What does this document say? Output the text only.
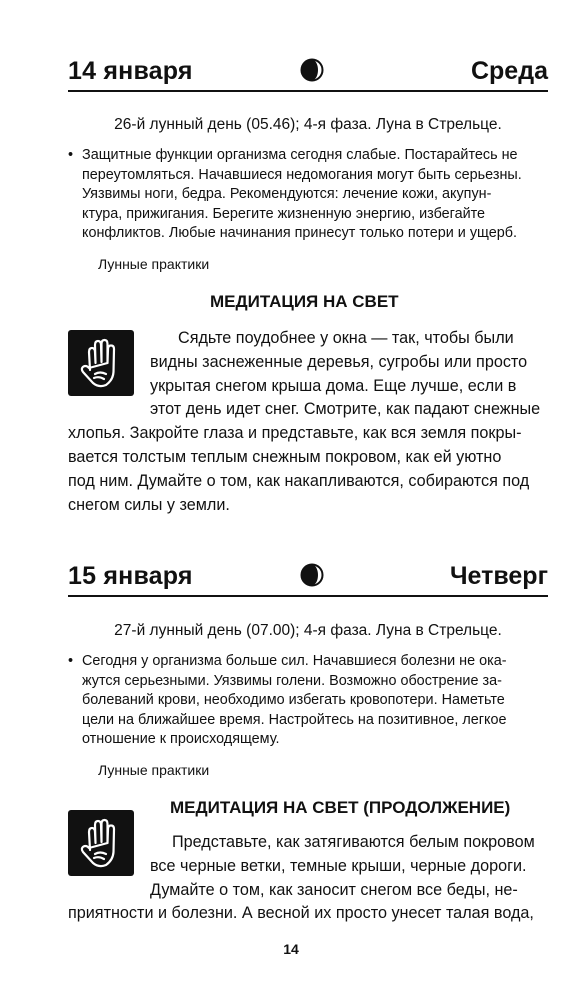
14 января	Среда
26-й лунный день (05.46); 4-я фаза. Луна в Стрельце.
• Защитные функции организма сегодня слабые. Постарайтесь не
переутомляться. Начавшиеся недомогания могут быть серьезны.
Уязвимы ноги, бедра. Рекомендуются: лечение кожи, акупун-
ктура, прижигания. Берегите жизненную энергию, избегайте
конфликтов. Любые начинания принесут только потери и ущерб.
Лунные практики
МЕДИТАЦИЯ НА СВЕТ
Сядьте поудобнее у окна — так, чтобы были
видны заснеженные деревья, сугробы или просто
укрытая снегом крыша дома. Еще лучше, если в
этот день идет снег. Смотрите, как падают снежные
хлопья. Закройте глаза и представьте, как вся земля покры-
вается толстым теплым снежным покровом, как ей уютно
под ним. Думайте о том, как накапливаются, собираются под
снегом силы у земли.
15 января	Четверг
27-й лунный день (07.00); 4-я фаза. Луна в Стрельце.
• Сегодня у организма больше сил. Начавшиеся болезни не ока-
жутся серьезными. Уязвимы голени. Возможно обострение за-
болеваний крови, необходимо избегать кровопотери. Наметьте
цели на ближайшее время. Настройтесь на позитивное, легкое
отношение к происходящему.
Лунные практики
МЕДИТАЦИЯ НА СВЕТ (ПРОДОЛЖЕНИЕ)
Представьте, как затягиваются белым покровом
все черные ветки, темные крыши, черные дороги.
Думайте о том, как заносит снегом все беды, не-
приятности и болезни. А весной их просто унесет талая вода,
14
